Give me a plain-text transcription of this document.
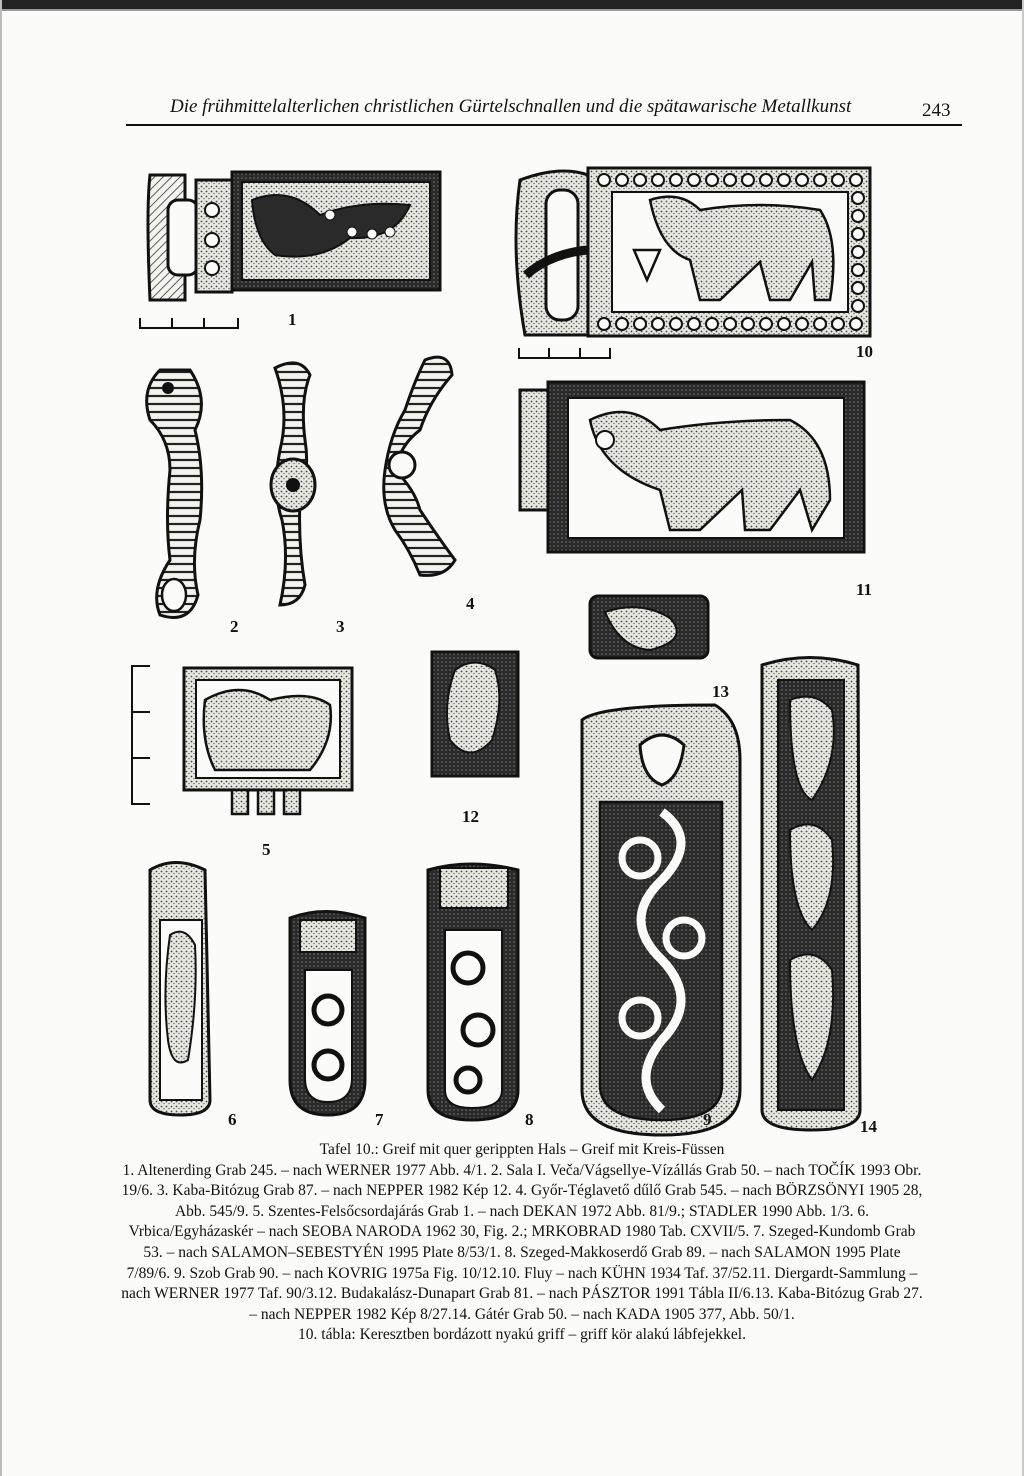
Die frühmittelalterlichen christlichen Gürtelschnallen und die spätawarische Metallkunst	243
1
2	3
4
5
6	7	8	9
10
11
12
13
14
Tafel 10.: Greif mit quer gerippten Hals – Greif mit Kreis-Füssen
1. Altenerding Grab 245. – nach WERNER 1977 Abb. 4/1. 2. Sala I. Veča/Vágsellye-Vízállás Grab 50. – nach TOČÍK 1993 Obr. 19/6. 3. Kaba-Bitózug Grab 87. – nach NEPPER 1982 Kép 12. 4. Győr-Téglavető dűlő Grab 545. – nach BÖRZSÖNYI 1905 28, Abb. 545/9. 5. Szentes-Felsőcsordajárás Grab 1. – nach DEKAN 1972 Abb. 81/9.; STADLER 1990 Abb. 1/3. 6. Vrbica/Egyházaskér – nach SEOBA NARODA 1962 30, Fig. 2.; MRKOBRAD 1980 Tab. CXVII/5. 7. Szeged-Kundomb Grab 53. – nach SALAMON–SEBESTYÉN 1995 Plate 8/53/1. 8. Szeged-Makkoserdő Grab 89. – nach SALAMON 1995 Plate 7/89/6. 9. Szob Grab 90. – nach KOVRIG 1975a Fig. 10/12.10. Fluy – nach KÜHN 1934 Taf. 37/52.11. Diergardt-Sammlung – nach WERNER 1977 Taf. 90/3.12. Budakalász-Dunapart Grab 81. – nach PÁSZTOR 1991 Tábla II/6.13. Kaba-Bitózug Grab 27. – nach NEPPER 1982 Kép 8/27.14. Gátér Grab 50. – nach KADA 1905 377, Abb. 50/1.
10. tábla: Keresztben bordázott nyakú griff – griff kör alakú lábfejekkel.
